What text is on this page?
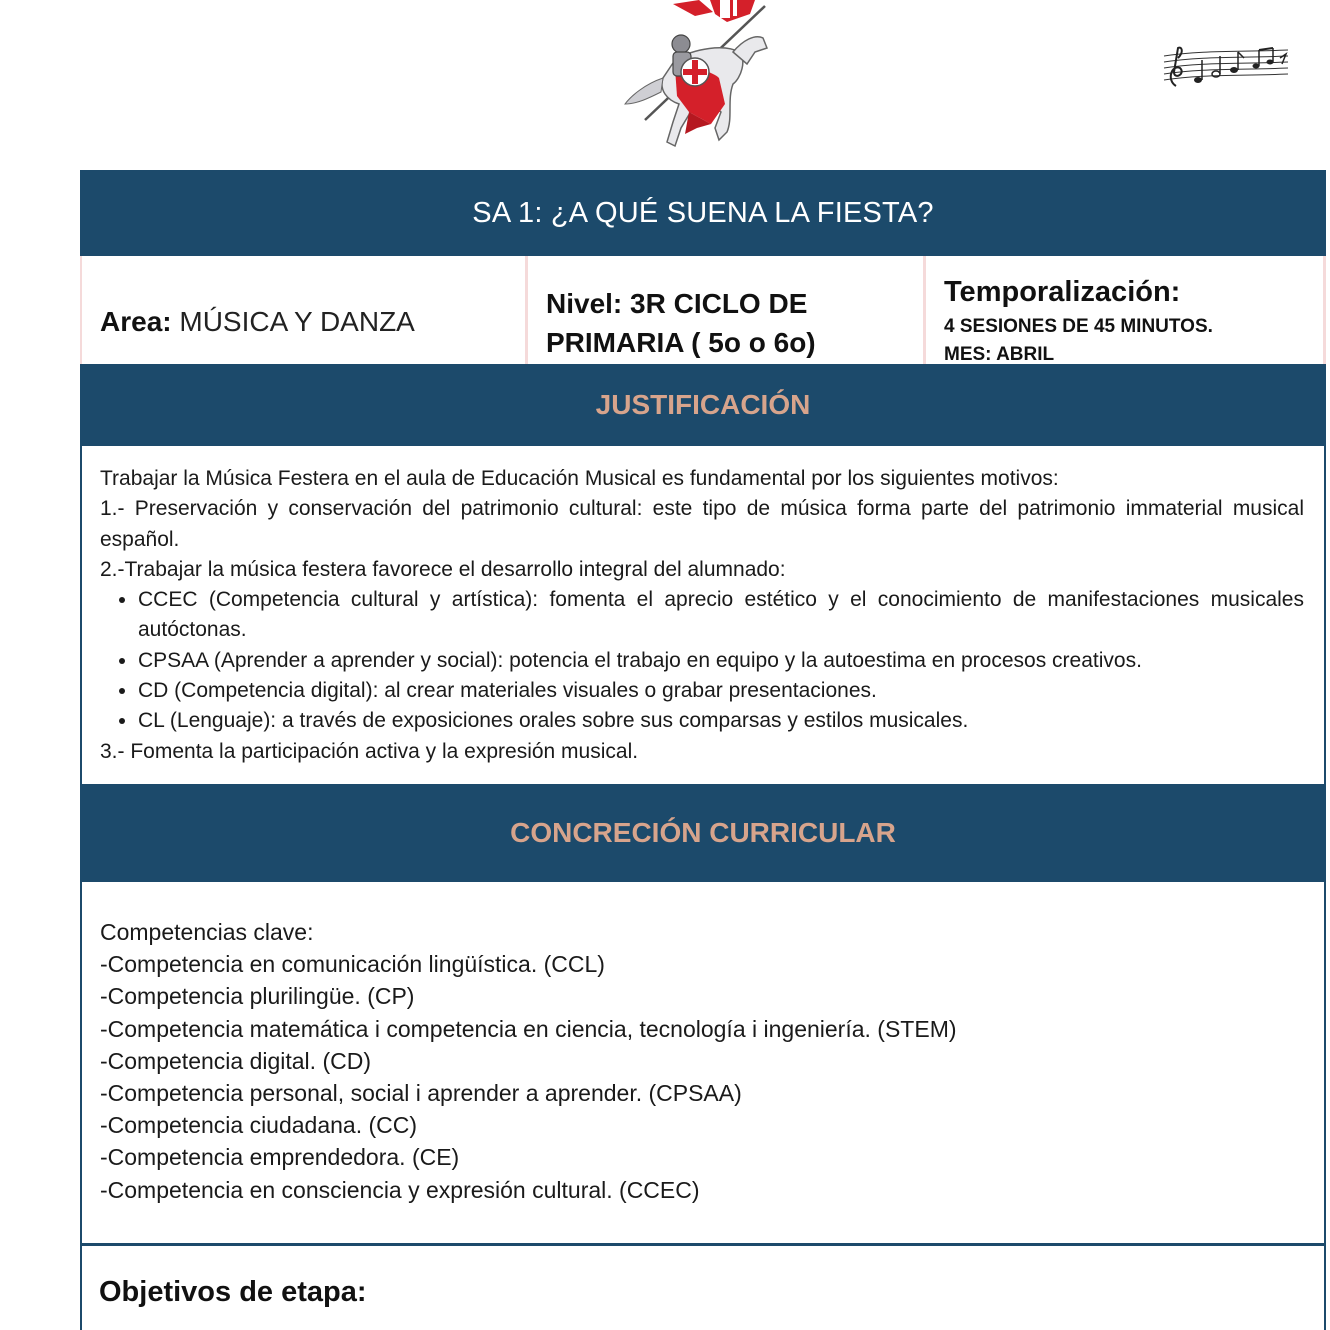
SA 1: ¿A QUÉ SUENA LA FIESTA?
Area: MÚSICA Y DANZA
Nivel: 3R CICLO DE
PRIMARIA ( 5o o 6o)
Temporalización:
4 SESIONES DE 45 MINUTOS.
MES: ABRIL
JUSTIFICACIÓN

Trabajar la Música Festera en el aula de Educación Musical es fundamental por los siguientes motivos:

1.- Preservación y conservación del patrimonio cultural: este tipo de música forma parte del patrimonio immaterial musical español.

2.-Trabajar la música festera favorece el desarrollo integral del alumnado:

• CCEC (Competencia cultural y artística): fomenta el aprecio estético y el conocimiento de manifestaciones musicales autóctonas.
• CPSAA (Aprender a aprender y social): potencia el trabajo en equipo y la autoestima en procesos creativos.
• CD (Competencia digital): al crear materiales visuales o grabar presentaciones.
• CL (Lenguaje): a través de exposiciones orales sobre sus comparsas y estilos musicales.

3.- Fomenta la participación activa y la expresión musical.

CONCRECIÓN CURRICULAR

Competencias clave:

-Competencia en comunicación lingüística. (CCL)

-Competencia plurilingüe. (CP)

-Competencia matemática i competencia en ciencia, tecnología i ingeniería. (STEM)

-Competencia digital. (CD)

-Competencia personal, social i aprender a aprender. (CPSAA)

-Competencia ciudadana. (CC)

-Competencia emprendedora. (CE)

-Competencia en consciencia y expresión cultural. (CCEC)

Objetivos de etapa:
